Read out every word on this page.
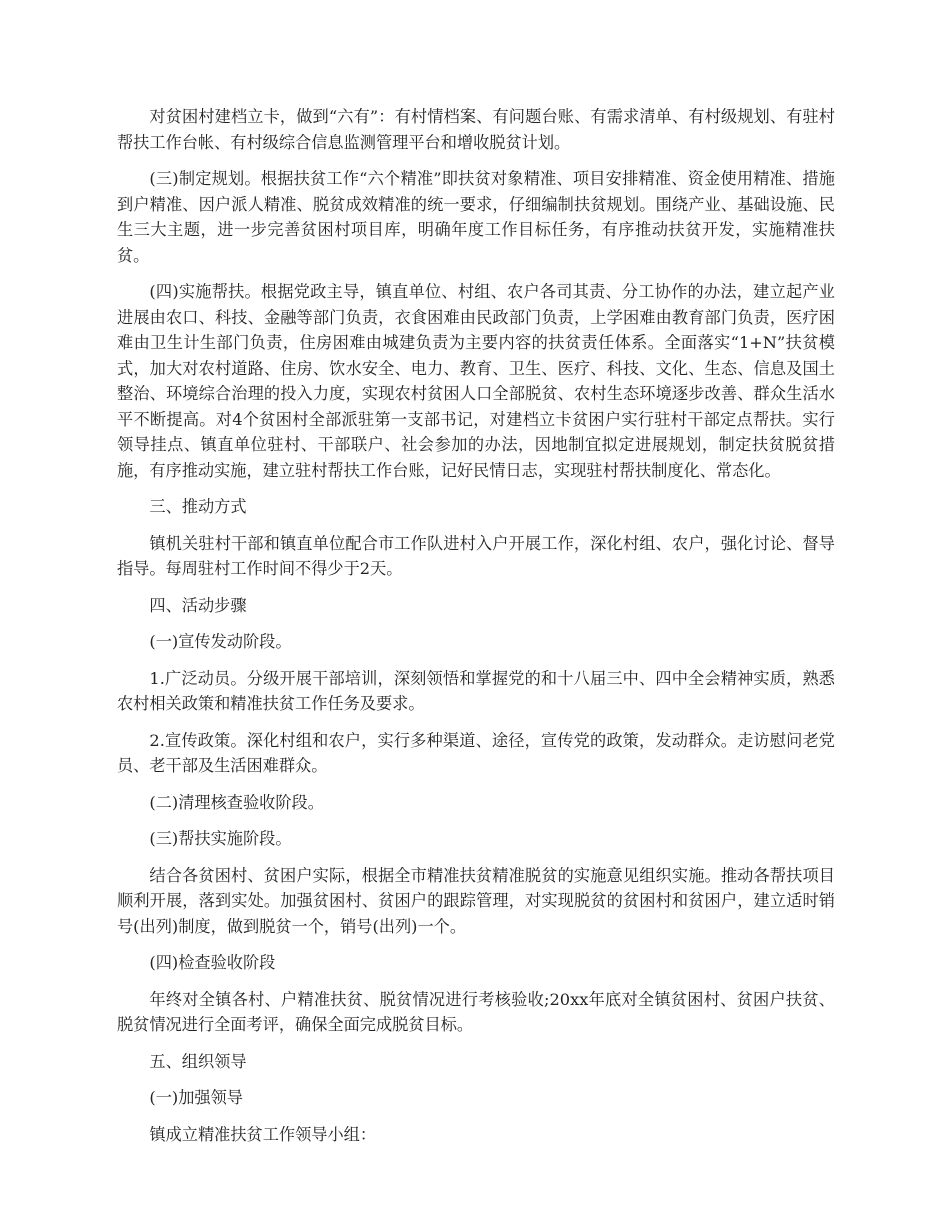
对贫困村建档立卡，做到“六有”：有村情档案、有问题台账、有需求清单、有村级规划、有驻村帮扶工作台帐、有村级综合信息监测管理平台和增收脱贫计划。

(三)制定规划。根据扶贫工作“六个精准”即扶贫对象精准、项目安排精准、资金使用精准、措施到户精准、因户派人精准、脱贫成效精准的统一要求，仔细编制扶贫规划。围绕产业、基础设施、民生三大主题，进一步完善贫困村项目库，明确年度工作目标任务，有序推动扶贫开发，实施精准扶贫。

(四)实施帮扶。根据党政主导，镇直单位、村组、农户各司其责、分工协作的办法，建立起产业进展由农口、科技、金融等部门负责，衣食困难由民政部门负责，上学困难由教育部门负责，医疗困难由卫生计生部门负责，住房困难由城建负责为主要内容的扶贫责任体系。全面落实“1+N”扶贫模式，加大对农村道路、住房、饮水安全、电力、教育、卫生、医疗、科技、文化、生态、信息及国土整治、环境综合治理的投入力度，实现农村贫困人口全部脱贫、农村生态环境逐步改善、群众生活水平不断提高。对4个贫困村全部派驻第一支部书记，对建档立卡贫困户实行驻村干部定点帮扶。实行领导挂点、镇直单位驻村、干部联户、社会参加的办法，因地制宜拟定进展规划，制定扶贫脱贫措施，有序推动实施，建立驻村帮扶工作台账，记好民情日志，实现驻村帮扶制度化、常态化。

三、推动方式

镇机关驻村干部和镇直单位配合市工作队进村入户开展工作，深化村组、农户，强化讨论、督导指导。每周驻村工作时间不得少于2天。

四、活动步骤

(一)宣传发动阶段。

1.广泛动员。分级开展干部培训，深刻领悟和掌握党的和十八届三中、四中全会精神实质，熟悉农村相关政策和精准扶贫工作任务及要求。

2.宣传政策。深化村组和农户，实行多种渠道、途径，宣传党的政策，发动群众。走访慰问老党员、老干部及生活困难群众。

(二)清理核查验收阶段。

(三)帮扶实施阶段。

结合各贫困村、贫困户实际，根据全市精准扶贫精准脱贫的实施意见组织实施。推动各帮扶项目顺利开展，落到实处。加强贫困村、贫困户的跟踪管理，对实现脱贫的贫困村和贫困户，建立适时销号(出列)制度，做到脱贫一个，销号(出列)一个。

(四)检查验收阶段

年终对全镇各村、户精准扶贫、脱贫情况进行考核验收;20xx年底对全镇贫困村、贫困户扶贫、脱贫情况进行全面考评，确保全面完成脱贫目标。

五、组织领导

(一)加强领导

镇成立精准扶贫工作领导小组：
